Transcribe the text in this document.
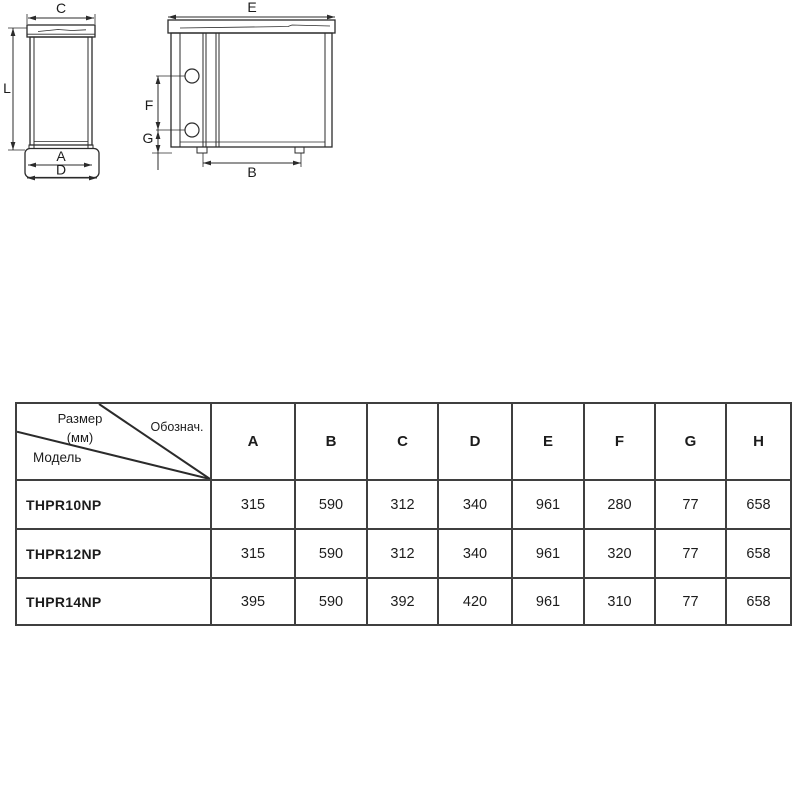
C
A
D
L
E
F
G
B
Размер
(мм)
Обознач.
Модель	A	B	C	D	E	F	G	H
THPR10NP	315	590	312	340	961	280	77	658
THPR12NP	315	590	312	340	961	320	77	658
THPR14NP	395	590	392	420	961	310	77	658
